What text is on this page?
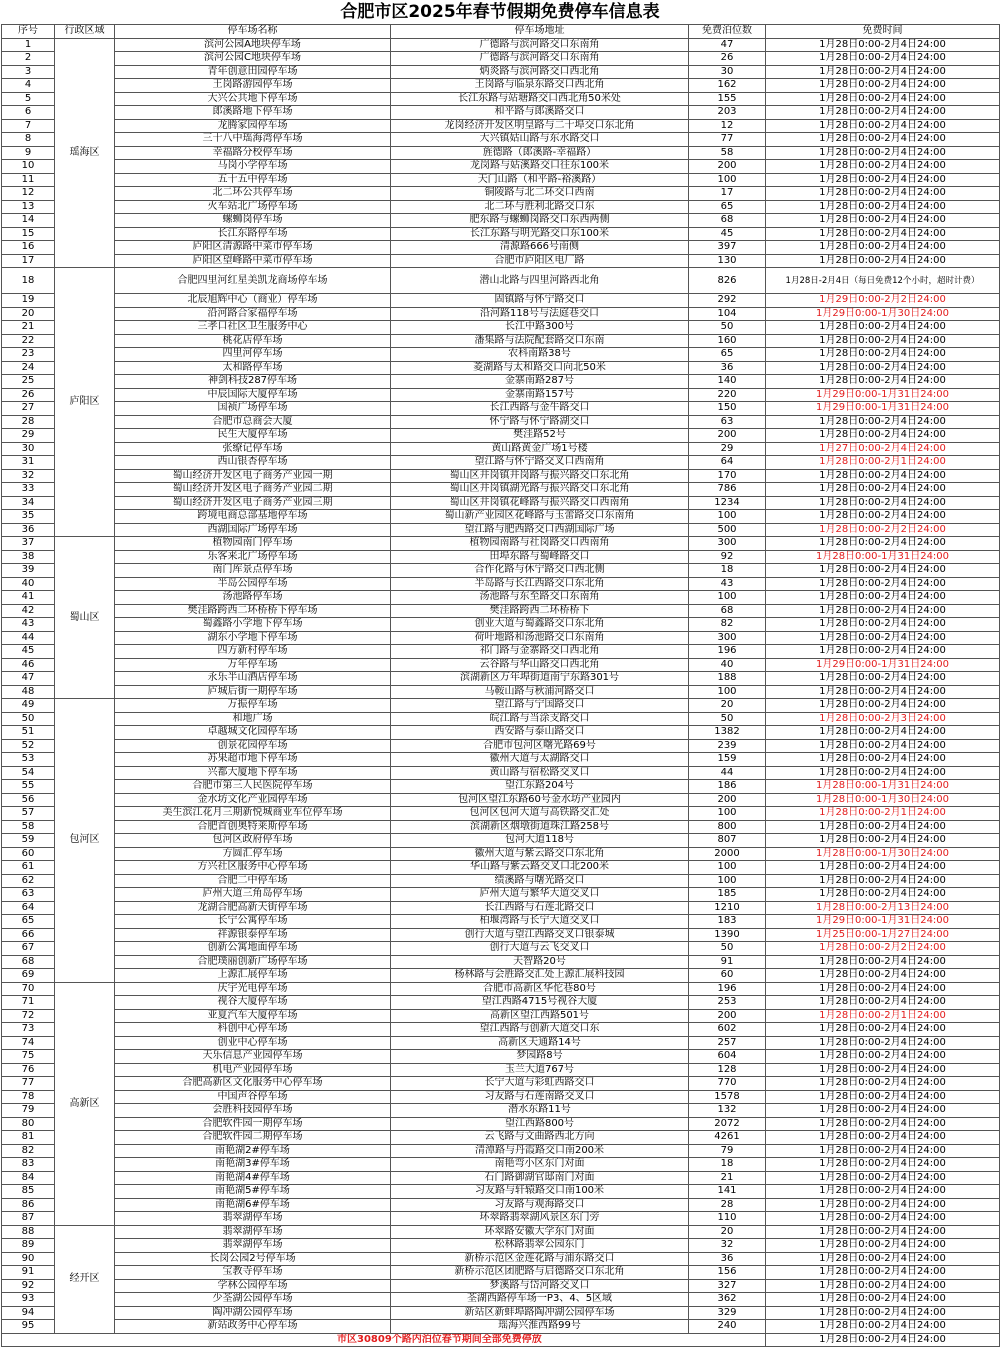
合肥市区2025年春节假期免费停车信息表
序号	行政区域	停车场名称	停车场地址	免费泊位数	免费时间
1	瑶海区	滨河公园A地块停车场	广德路与滨河路交口东南角	47	1月28日0:00-2月4日24:00
2		滨河公园C地块停车场	广德路与滨河路交口东南角	26	1月28日0:00-2月4日24:00
3		青年创意田园停车场	炳炎路与滨河路交口西北角	30	1月28日0:00-2月4日24:00
4		王岗路游园停车场	王岗路与临泉东路交口西北角	162	1月28日0:00-2月4日24:00
5		大兴公共地下停车场	长江东路与站塘路交口西北角50米处	155	1月28日0:00-2月4日24:00
6		郎溪路地下停车场	和平路与郎溪路交口	203	1月28日0:00-2月4日24:00
7		龙腾家园停车场	龙岗经济开发区明皇路与二十埠交口东北角	12	1月28日0:00-2月4日24:00
8		三十八中瑶海湾停车场	大兴镇姑山路与东水路交口	77	1月28日0:00-2月4日24:00
9		幸福路分校停车场	旌德路（郎溪路-幸福路）	58	1月28日0:00-2月4日24:00
10		马岗小学停车场	龙岗路与姑溪路交口往东100米	200	1月28日0:00-2月4日24:00
11		五十五中停车场	天门山路（和平路-裕溪路）	100	1月28日0:00-2月4日24:00
12		北二环公共停车场	铜陵路与北二环交口西南	17	1月28日0:00-2月4日24:00
13		火车站北广场停车场	北二环与胜利北路交口东	65	1月28日0:00-2月4日24:00
14		螺蛳岗停车场	肥东路与螺蛳岗路交口东西两侧	68	1月28日0:00-2月4日24:00
15		长江东路停车场	长江东路与明光路交口东100米	45	1月28日0:00-2月4日24:00
16		庐阳区清源路中菜市停车场	清源路666号南侧	397	1月28日0:00-2月4日24:00
17		庐阳区望峰路中菜市停车场	合肥市庐阳区电厂路	130	1月28日0:00-2月4日24:00
18	庐阳区	合肥四里河红星美凯龙商场停车场	潜山北路与四里河路西北角	826	1月28日-2月4日（每日免费12个小时，超时计费）
19		北辰旭辉中心（商业）停车场	固镇路与怀宁路交口	292	1月29日0:00-2月2日24:00
20		沿河路合家福停车场	沿河路118号与法庭巷交口	104	1月29日0:00-1月30日24:00
21		三孝口社区卫生服务中心	长江中路300号	50	1月28日0:00-2月4日24:00
22		桃花店停车场	潘集路与法院配套路交口东南	160	1月28日0:00-2月4日24:00
23		四里河停车场	农科南路38号	65	1月28日0:00-2月4日24:00
24		太和路停车场	菱湖路与太和路交口向北50米	36	1月28日0:00-2月4日24:00
25		神剑科技287停车场	金寨南路287号	140	1月28日0:00-2月4日24:00
26		中辰国际大厦停车场	金寨南路157号	220	1月29日0:00-1月31日24:00
27		国祯广场停车场	长江西路与金牛路交口	150	1月29日0:00-1月31日24:00
28		合肥市总商会大厦	怀宁路与怀宁路湖交口	63	1月28日0:00-2月4日24:00
29		民生大厦停车场	樊洼路52号	200	1月28日0:00-2月4日24:00
30		张缭记停车场	黄山路黄金广场1号楼	29	1月27日0:00-2月4日24:00
31		西山银杏停车场	望江路与怀宁路交叉口西南角	64	1月28日0:00-2月1日24:00
32		蜀山经济开发区电子商务产业园一期	蜀山区井岗镇井岗路与振兴路交口东北角	170	1月28日0:00-2月4日24:00
33		蜀山经济开发区电子商务产业园二期	蜀山区井岗镇湖光路与振兴路交口东北角	786	1月28日0:00-2月4日24:00
34		蜀山经济开发区电子商务产业园三期	蜀山区井岗镇花峰路与振兴路交口西南角	1234	1月28日0:00-2月4日24:00
35		跨境电商总部基地停车场	蜀山新产业园区花峰路与玉蕾路交口东南角	100	1月28日0:00-2月4日24:00
36		西湖国际广场停车场	望江路与肥西路交口西湖国际广场	500	1月28日0:00-2月2日24:00
37	蜀山区	植物园南门停车场	植物园南路与社岗路交口西南角	300	1月28日0:00-2月4日24:00
38		乐客来北广场停车场	田埠东路与蜀峰路交口	92	1月28日0:00-1月31日24:00
39		南门库景点停车场	合作化路与休宁路交口西北侧	18	1月28日0:00-2月4日24:00
40		半岛公园停车场	半岛路与长江西路交口东北角	43	1月28日0:00-2月4日24:00
41		汤池路停车场	汤池路与东至路交口东南角	100	1月28日0:00-2月4日24:00
42		樊洼路跨西二环桥桥下停车场	樊洼路跨西二环桥桥下	68	1月28日0:00-2月4日24:00
43		蜀鑫路小学地下停车场	创业大道与蜀鑫路交口东北角	82	1月28日0:00-2月4日24:00
44		湖东小学地下停车场	荷叶地路和汤池路交口东南角	300	1月28日0:00-2月4日24:00
45		四方新村停车场	祁门路与金寨路交口西北角	196	1月28日0:00-2月4日24:00
46		万年停车场	云谷路与华山路交口西北角	40	1月29日0:00-1月31日24:00
47		永乐半山酒店停车场	滨湖新区万年埠街道南宁东路301号	188	1月28日0:00-2月4日24:00
48		庐城后街一期停车场	马鞍山路与秋浦河路交口	100	1月28日0:00-2月4日24:00
49	包河区	万振停车场	望江路与宁国路交口	20	1月28日0:00-2月4日24:00
50		和地广场	皖江路与当涂支路交口	50	1月28日0:00-2月3日24:00
51		卓越城文化园停车场	西安路与泰山路交口	1382	1月28日0:00-2月4日24:00
52		创景花园停车场	合肥市包河区曙光路69号	239	1月28日0:00-2月4日24:00
53		苏果超市地下停车场	徽州大道与太湖路交口	159	1月28日0:00-2月4日24:00
54		兴都大厦地下停车场	黄山路与宿松路交叉口	44	1月28日0:00-2月4日24:00
55		合肥市第三人民医院停车场	望江东路204号	186	1月28日0:00-1月31日24:00
56		金水坊文化产业园停车场	包河区望江东路60号金水坊产业园内	200	1月28日0:00-1月30日24:00
57		美生滨江花月三期新悦城商业车位停车场	包河区包河大道与高铁路交汇处	100	1月28日0:00-2月1日24:00
58		合肥首创奥特莱斯停车场	滨湖新区烟墩街道珠江路258号	800	1月28日0:00-2月4日24:00
59		包河区政府停车场	包河大道118号	807	1月28日0:00-2月4日24:00
60		方圆汇停车场	徽州大道与紫云路交口东北角	2000	1月28日0:00-1月30日24:00
61		方兴社区服务中心停车场	华山路与紫云路交叉口北200米	100	1月28日0:00-2月4日24:00
62		合肥二中停车场	绩溪路与曙光路交口	100	1月28日0:00-2月4日24:00
63		庐州大道三角岛停车场	庐州大道与繁华大道交叉口	185	1月28日0:00-2月4日24:00
64		龙湖合肥高新天街停车场	长江西路与石莲北路交口	1210	1月28日0:00-2月13日24:00
65		长宁公寓停车场	柏堰湾路与长宁大道交叉口	183	1月29日0:00-1月31日24:00
66		祥源银泰停车场	创行大道与望江西路交叉口银泰城	1390	1月25日0:00-1月27日24:00
67		创新公寓地面停车场	创行大道与云飞交叉口	50	1月28日0:00-2月2日24:00
68		合肥璞丽创新广场停车场	天智路20号	91	1月28日0:00-2月4日24:00
69		上源汇展停车场	杨林路与会胜路交汇处上源汇展科技园	60	1月28日0:00-2月4日24:00
70	高新区	庆宇光电停车场	合肥市高新区华佗巷80号	196	1月28日0:00-2月4日24:00
71		视谷大厦停车场	望江西路4715号视谷大厦	253	1月28日0:00-2月4日24:00
72		亚夏汽车大厦停车场	高新区望江西路501号	200	1月28日0:00-2月1日24:00
73		科创中心停车场	望江西路与创新大道交口东	602	1月28日0:00-2月4日24:00
74		创业中心停车场	高新区天通路14号	257	1月28日0:00-2月4日24:00
75		天乐信息产业园停车场	梦园路8号	604	1月28日0:00-2月4日24:00
76		机电产业园停车场	玉兰大道767号	128	1月28日0:00-2月4日24:00
77		合肥高新区文化服务中心停车场	长宁大道与彩虹西路交口	770	1月28日0:00-2月4日24:00
78		中国声谷停车场	习友路与石莲南路交叉口	1578	1月28日0:00-2月4日24:00
79		会胜科技园停车场	潜水东路11号	132	1月28日0:00-2月4日24:00
80		合肥软件园一期停车场	望江西路800号	2072	1月28日0:00-2月4日24:00
81		合肥软件园二期停车场	云飞路与文曲路西北方向	4261	1月28日0:00-2月4日24:00
82		南艳湖2#停车场	清潭路与丹霞路交口南200米	79	1月28日0:00-2月4日24:00
83		南艳湖3#停车场	南艳弯小区东门对面	18	1月28日0:00-2月4日24:00
84		南艳湖4#停车场	石门路御湖官邸南门对面	21	1月28日0:00-2月4日24:00
85		南艳湖5#停车场	习友路与轩辕路交口南100米	141	1月28日0:00-2月4日24:00
86		南艳湖6#停车场	习友路与观海路交口	28	1月28日0:00-2月4日24:00
87		翡翠湖停车场	环翠路翡翠湖风景区东门旁	110	1月28日0:00-2月4日24:00
88	经开区	翡翠湖停车场	环翠路安徽大学东门对面	20	1月28日0:00-2月4日24:00
89		翡翠湖停车场	松林路翡翠公园东门	32	1月28日0:00-2月4日24:00
90		长岗公园2号停车场	新桥示范区金莲花路与浦东路交口	36	1月28日0:00-2月4日24:00
91		宝教寺停车场	新桥示范区团肥路与启德路交口东北角	156	1月28日0:00-2月4日24:00
92		学林公园停车场	梦溪路与岱河路交叉口	327	1月28日0:00-2月4日24:00
93		少荃湖公园停车场	荃湖西路停车场一P3、4、5区域	362	1月28日0:00-2月4日24:00
94		陶冲湖公园停车场	新站区新蚌埠路陶冲湖公园停车场	329	1月28日0:00-2月4日24:00
95		新站政务中心停车场	瑶海兴淮西路99号	240	1月28日0:00-2月4日24:00
市区30809个路内泊位春节期间全部免费停放					1月28日0:00-2月4日24:00
